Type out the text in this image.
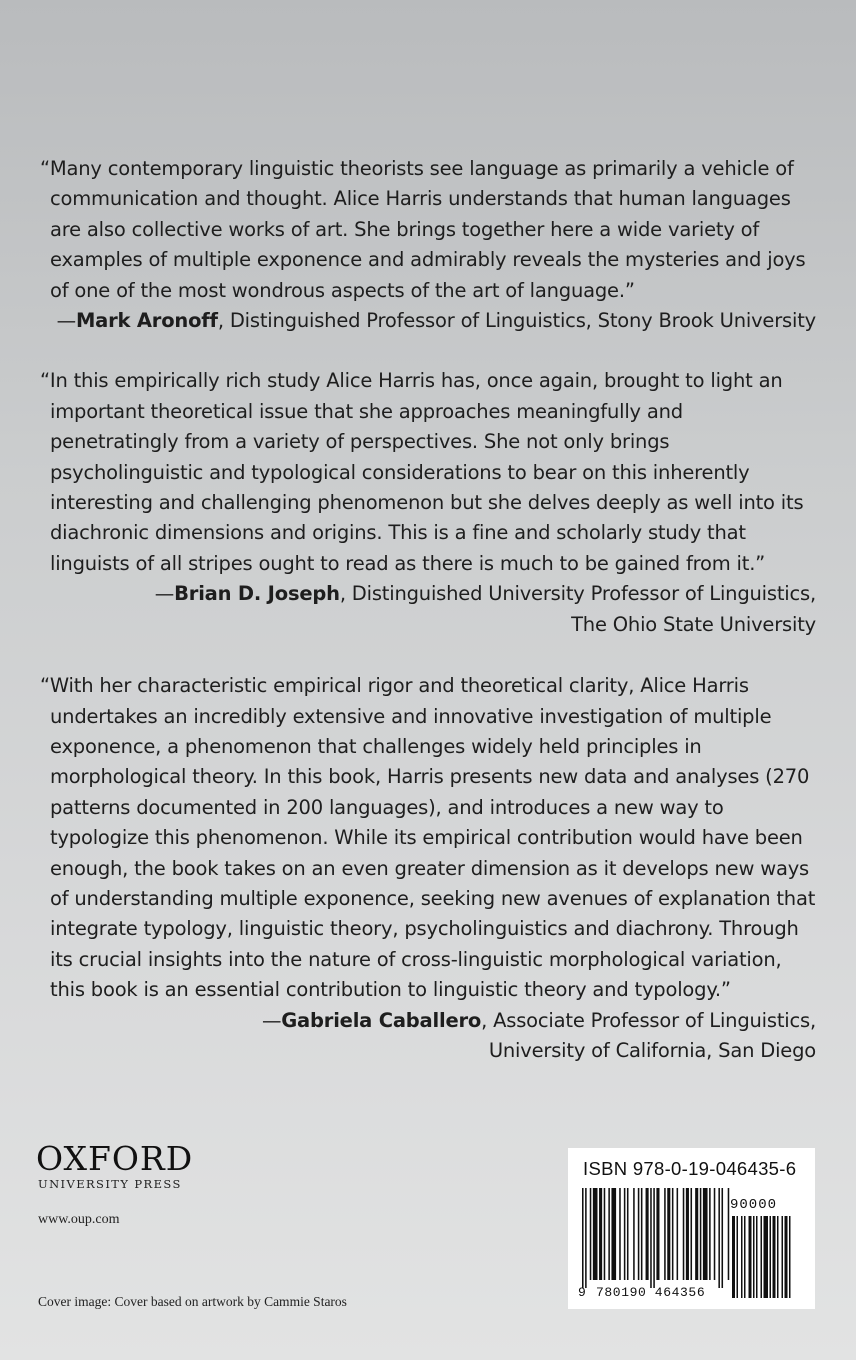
“Many contemporary linguistic theorists see language as primarily a vehicle of communication and thought. Alice Harris understands that human languages are also collective works of art. She brings together here a wide variety of examples of multiple exponence and admirably reveals the mysteries and joys of one of the most wondrous aspects of the art of language.”
—Mark Aronoff, Distinguished Professor of Linguistics, Stony Brook University
“In this empirically rich study Alice Harris has, once again, brought to light an important theoretical issue that she approaches meaningfully and penetratingly from a variety of perspectives. She not only brings psycholinguistic and typological considerations to bear on this inherently interesting and challenging phenomenon but she delves deeply as well into its diachronic dimensions and origins. This is a fine and scholarly study that linguists of all stripes ought to read as there is much to be gained from it.”
—Brian D. Joseph, Distinguished University Professor of Linguistics,
The Ohio State University
“With her characteristic empirical rigor and theoretical clarity, Alice Harris undertakes an incredibly extensive and innovative investigation of multiple exponence, a phenomenon that challenges widely held principles in morphological theory. In this book, Harris presents new data and analyses (270 patterns documented in 200 languages), and introduces a new way to typologize this phenomenon. While its empirical contribution would have been enough, the book takes on an even greater dimension as it develops new ways of understanding multiple exponence, seeking new avenues of explanation that integrate typology, linguistic theory, psycholinguistics and diachrony. Through its crucial insights into the nature of cross-linguistic morphological variation, this book is an essential contribution to linguistic theory and typology.”
—Gabriela Caballero, Associate Professor of Linguistics,
University of California, San Diego
OXFORD
UNIVERSITY PRESS
www.oup.com
Cover image: Cover based on artwork by Cammie Staros
ISBN 978-0-19-046435-6
90000
9 780190 464356
